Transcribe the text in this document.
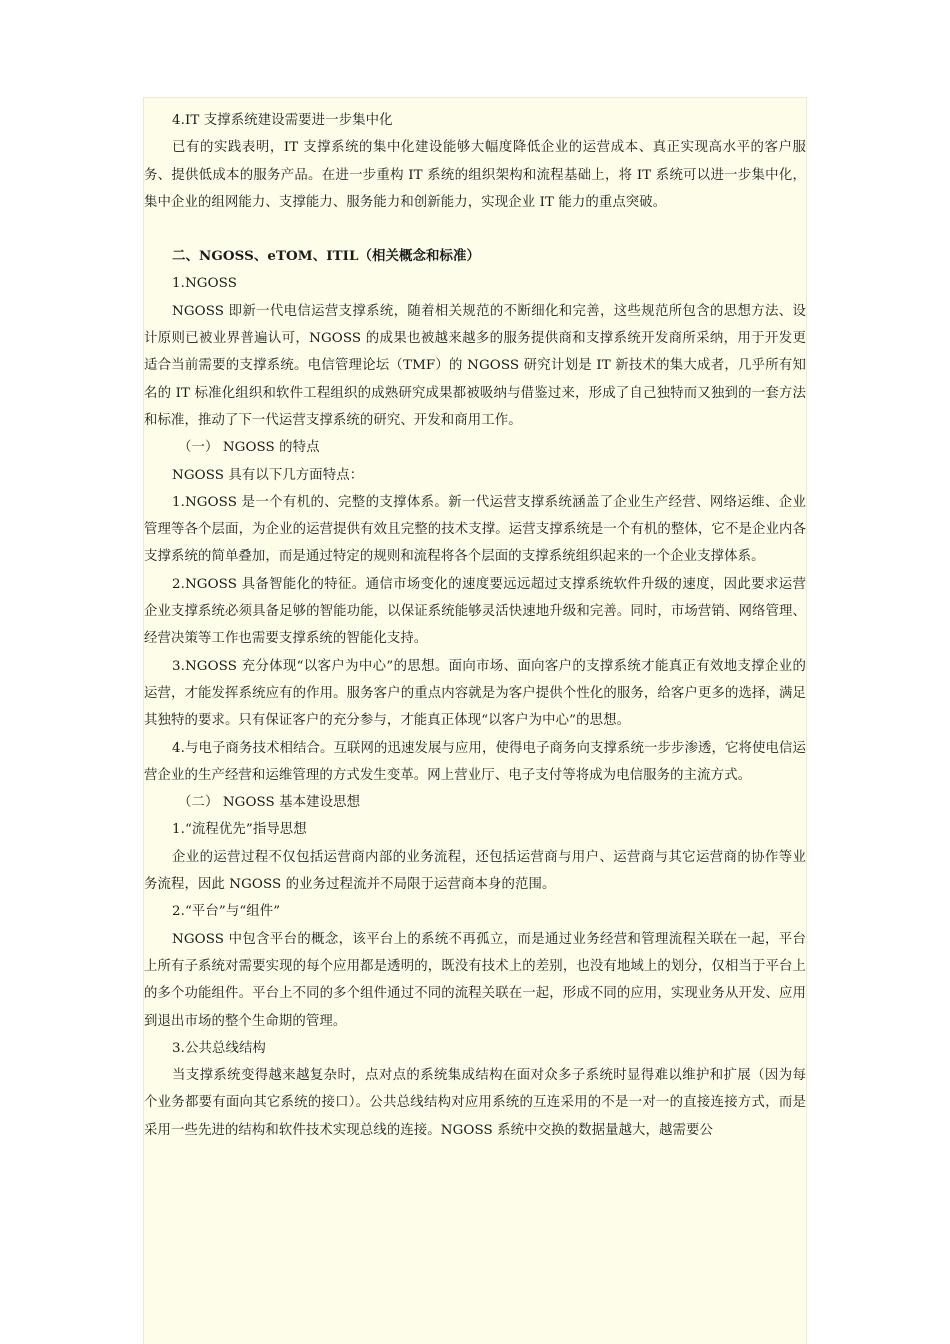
4.IT 支撑系统建设需要进一步集中化

已有的实践表明，IT 支撑系统的集中化建设能够大幅度降低企业的运营成本、真正实现高水平的客户服务、提供低成本的服务产品。在进一步重构 IT 系统的组织架构和流程基础上，将 IT 系统可以进一步集中化，集中企业的组网能力、支撑能力、服务能力和创新能力，实现企业 IT 能力的重点突破。

二、NGOSS、eTOM、ITIL（相关概念和标准）

1.NGOSS

NGOSS 即新一代电信运营支撑系统，随着相关规范的不断细化和完善，这些规范所包含的思想方法、设计原则已被业界普遍认可，NGOSS 的成果也被越来越多的服务提供商和支撑系统开发商所采纳，用于开发更适合当前需要的支撑系统。电信管理论坛（TMF）的 NGOSS 研究计划是 IT 新技术的集大成者，几乎所有知名的 IT 标准化组织和软件工程组织的成熟研究成果都被吸纳与借鉴过来，形成了自己独特而又独到的一套方法和标准，推动了下一代运营支撑系统的研究、开发和商用工作。

（一） NGOSS 的特点

NGOSS 具有以下几方面特点：

1.NGOSS 是一个有机的、完整的支撑体系。新一代运营支撑系统涵盖了企业生产经营、网络运维、企业管理等各个层面，为企业的运营提供有效且完整的技术支撑。运营支撑系统是一个有机的整体，它不是企业内各支撑系统的简单叠加，而是通过特定的规则和流程将各个层面的支撑系统组织起来的一个企业支撑体系。

2.NGOSS 具备智能化的特征。通信市场变化的速度要远远超过支撑系统软件升级的速度，因此要求运营企业支撑系统必须具备足够的智能功能，以保证系统能够灵活快速地升级和完善。同时，市场营销、网络管理、经营决策等工作也需要支撑系统的智能化支持。

3.NGOSS 充分体现“以客户为中心”的思想。面向市场、面向客户的支撑系统才能真正有效地支撑企业的运营，才能发挥系统应有的作用。服务客户的重点内容就是为客户提供个性化的服务，给客户更多的选择，满足其独特的要求。只有保证客户的充分参与，才能真正体现“以客户为中心”的思想。

4.与电子商务技术相结合。互联网的迅速发展与应用，使得电子商务向支撑系统一步步渗透，它将使电信运营企业的生产经营和运维管理的方式发生变革。网上营业厅、电子支付等将成为电信服务的主流方式。

（二） NGOSS 基本建设思想

1.“流程优先”指导思想

企业的运营过程不仅包括运营商内部的业务流程，还包括运营商与用户、运营商与其它运营商的协作等业务流程，因此 NGOSS 的业务过程流并不局限于运营商本身的范围。

2.“平台”与“组件”

NGOSS 中包含平台的概念，该平台上的系统不再孤立，而是通过业务经营和管理流程关联在一起，平台上所有子系统对需要实现的每个应用都是透明的，既没有技术上的差别，也没有地域上的划分，仅相当于平台上的多个功能组件。平台上不同的多个组件通过不同的流程关联在一起，形成不同的应用，实现业务从开发、应用到退出市场的整个生命期的管理。

3.公共总线结构

当支撑系统变得越来越复杂时，点对点的系统集成结构在面对众多子系统时显得难以维护和扩展（因为每个业务都要有面向其它系统的接口）。公共总线结构对应用系统的互连采用的不是一对一的直接连接方式，而是采用一些先进的结构和软件技术实现总线的连接。NGOSS 系统中交换的数据量越大，越需要公
